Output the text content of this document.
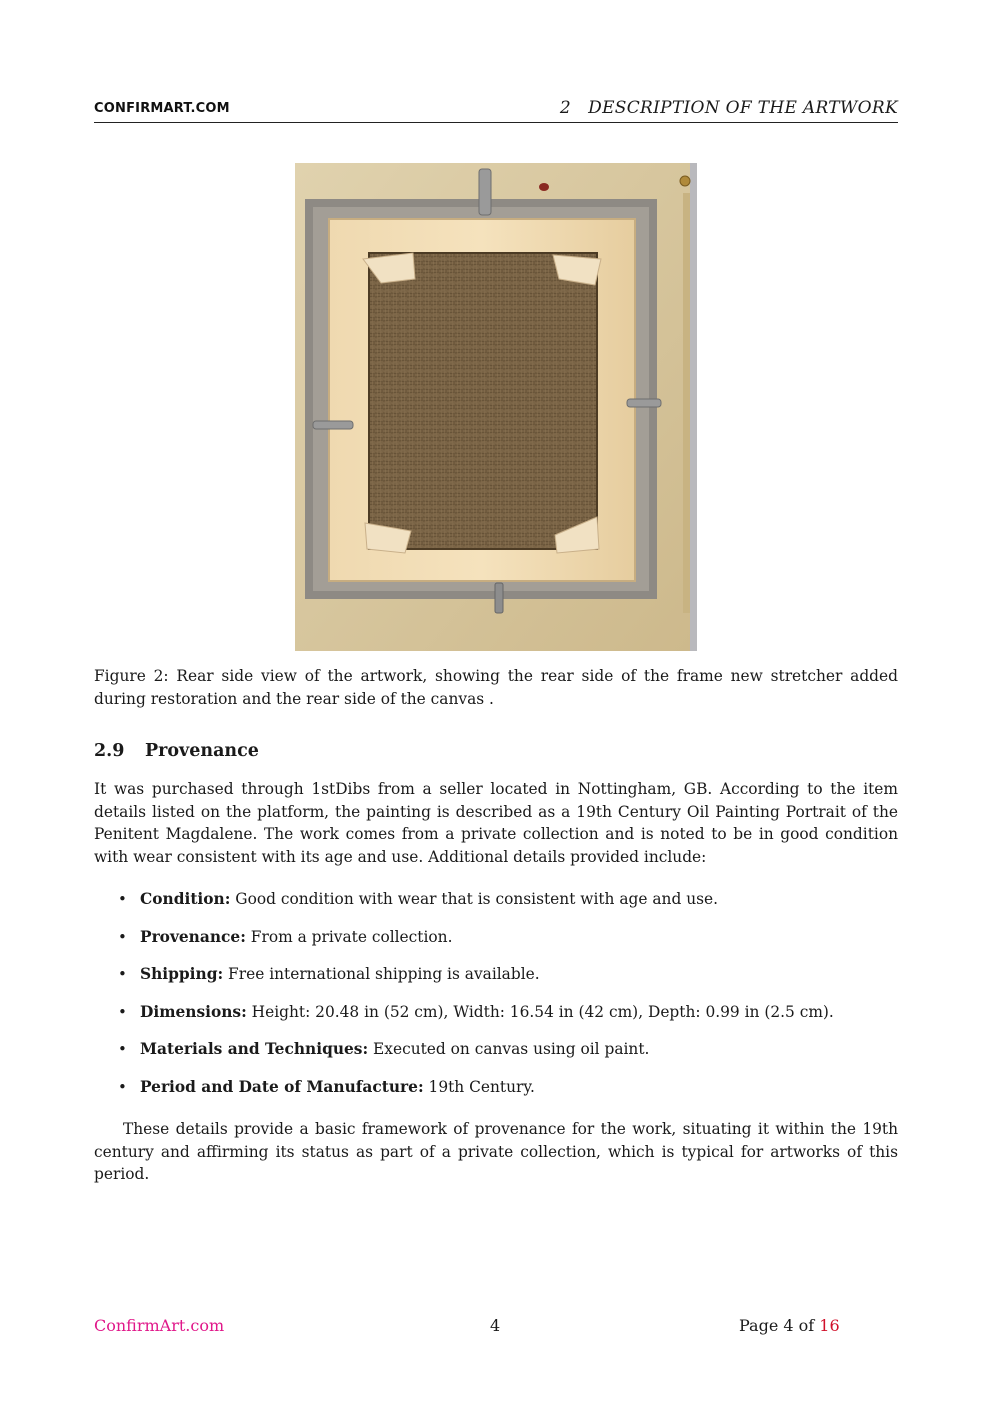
CONFIRMART.COM	2   DESCRIPTION OF THE ARTWORK
Figure 2: Rear side view of the artwork, showing the rear side of the frame new stretcher added during restoration and the rear side of the canvas .
2.9 Provenance
It was purchased through 1stDibs from a seller located in Nottingham, GB. According to the item details listed on the platform, the painting is described as a 19th Century Oil Painting Portrait of the Penitent Magdalene. The work comes from a private collection and is noted to be in good condition with wear consistent with its age and use. Additional details provided include:
• Condition: Good condition with wear that is consistent with age and use.
• Provenance: From a private collection.
• Shipping: Free international shipping is available.
• Dimensions: Height: 20.48 in (52 cm), Width: 16.54 in (42 cm), Depth: 0.99 in (2.5 cm).
• Materials and Techniques: Executed on canvas using oil paint.
• Period and Date of Manufacture: 19th Century.
These details provide a basic framework of provenance for the work, situating it within the 19th century and affirming its status as part of a private collection, which is typical for artworks of this period.
ConfirmArt.com	4	Page 4 of 16
